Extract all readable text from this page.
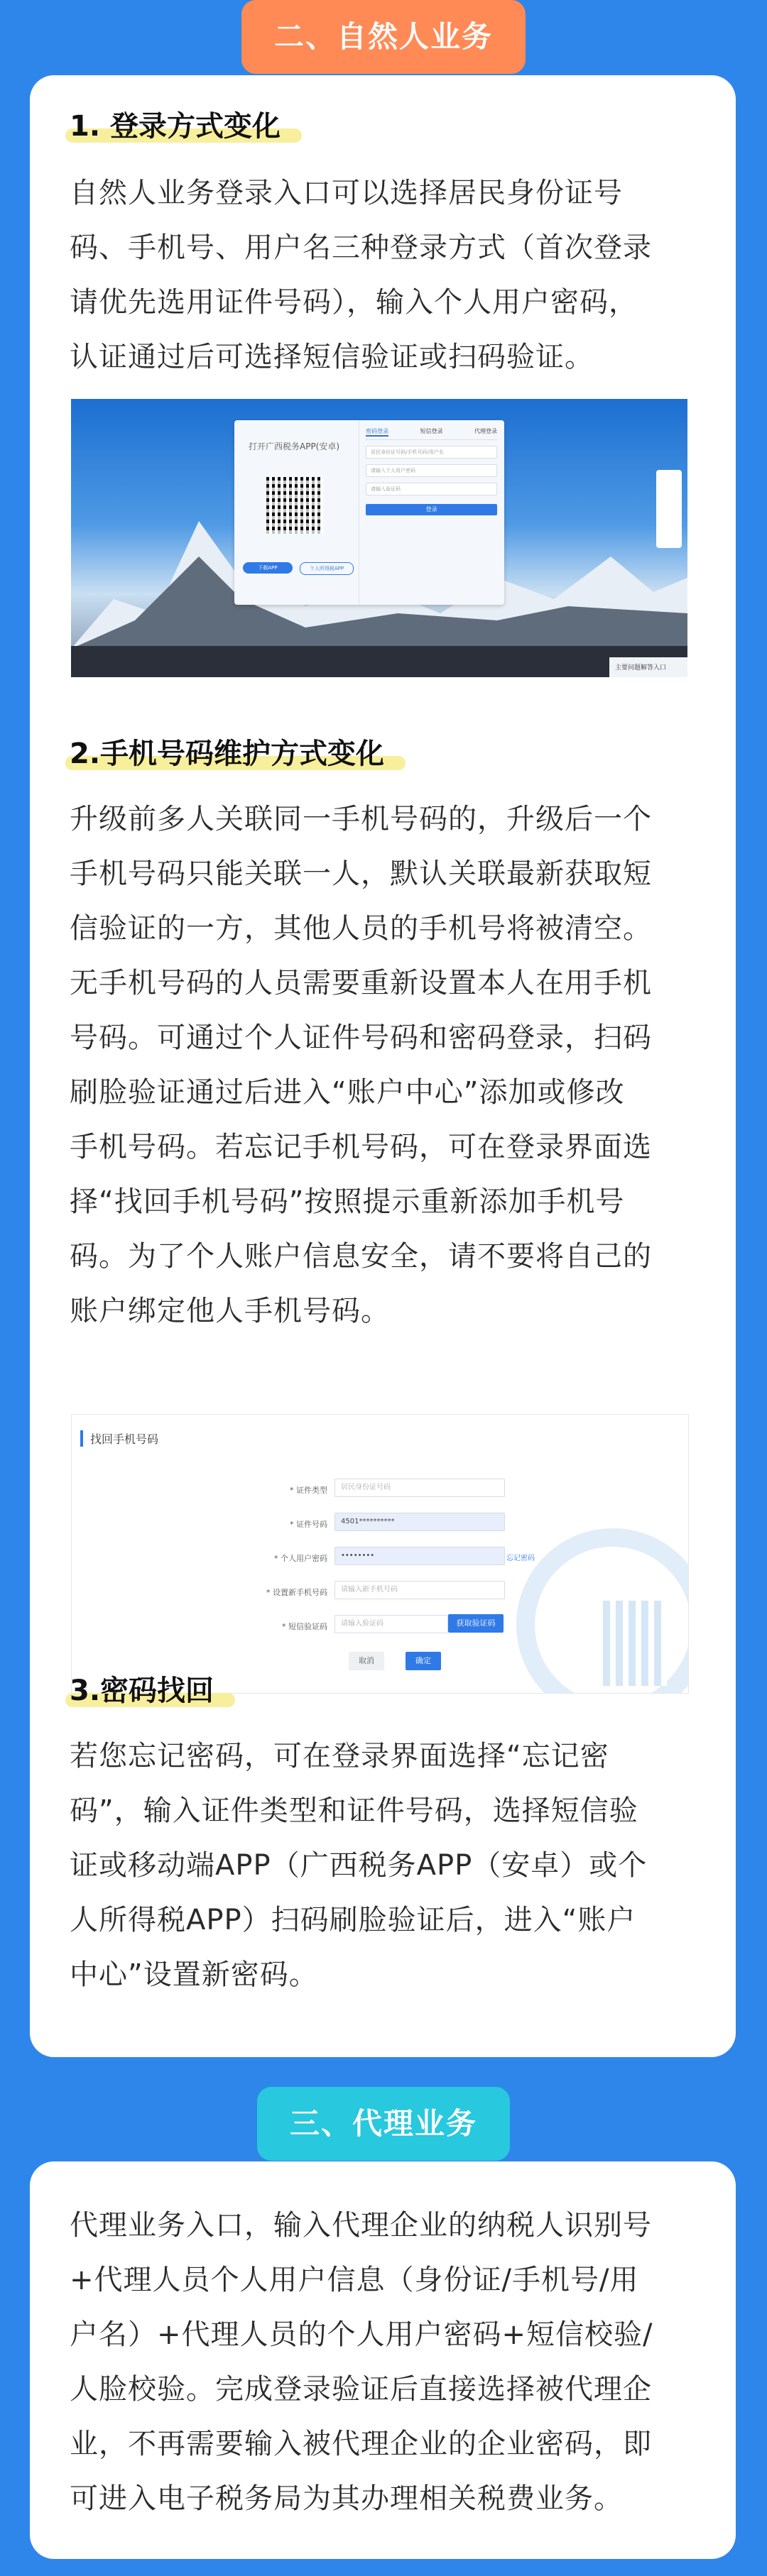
1. 登录方式变化
自然人业务登录入口可以选择居民身份证号
码、手机号、用户名三种登录方式（首次登录
请优先选用证件号码），输入个人用户密码，
认证通过后可选择短信验证或扫码验证。
打开广西税务APP(安卓)
下载APP	个人所得税APP
密码登录	短信登录	代理登录
居民身份证号码/手机号码/用户名
请输入个人用户密码
请输入验证码
登录
主要问题解答入口
2.手机号码维护方式变化
升级前多人关联同一手机号码的，升级后一个
手机号码只能关联一人，默认关联最新获取短
信验证的一方，其他人员的手机号将被清空。
无手机号码的人员需要重新设置本人在用手机
号码。可通过个人证件号码和密码登录，扫码
刷脸验证通过后进入“账户中心”添加或修改
手机号码。若忘记手机号码，可在登录界面选
择“找回手机号码”按照提示重新添加手机号
码。为了个人账户信息安全，请不要将自己的
账户绑定他人手机号码。
找回手机号码
* 证件类型	居民身份证号码
* 证件号码	4501**********
* 个人用户密码	••••••••	忘记密码
* 设置新手机号码	请输入新手机号码
* 短信验证码	请输入验证码	获取验证码
取消	确定
3.密码找回
若您忘记密码，可在登录界面选择“忘记密
码”，输入证件类型和证件号码，选择短信验
证或移动端APP（广西税务APP（安卓）或个
人所得税APP）扫码刷脸验证后，进入“账户
中心”设置新密码。
二、自然人业务
代理业务入口，输入代理企业的纳税人识别号
+代理人员个人用户信息（身份证/手机号/用
户名）+代理人员的个人用户密码+短信校验/
人脸校验。完成登录验证后直接选择被代理企
业，不再需要输入被代理企业的企业密码，即
可进入电子税务局为其办理相关税费业务。
三、代理业务
